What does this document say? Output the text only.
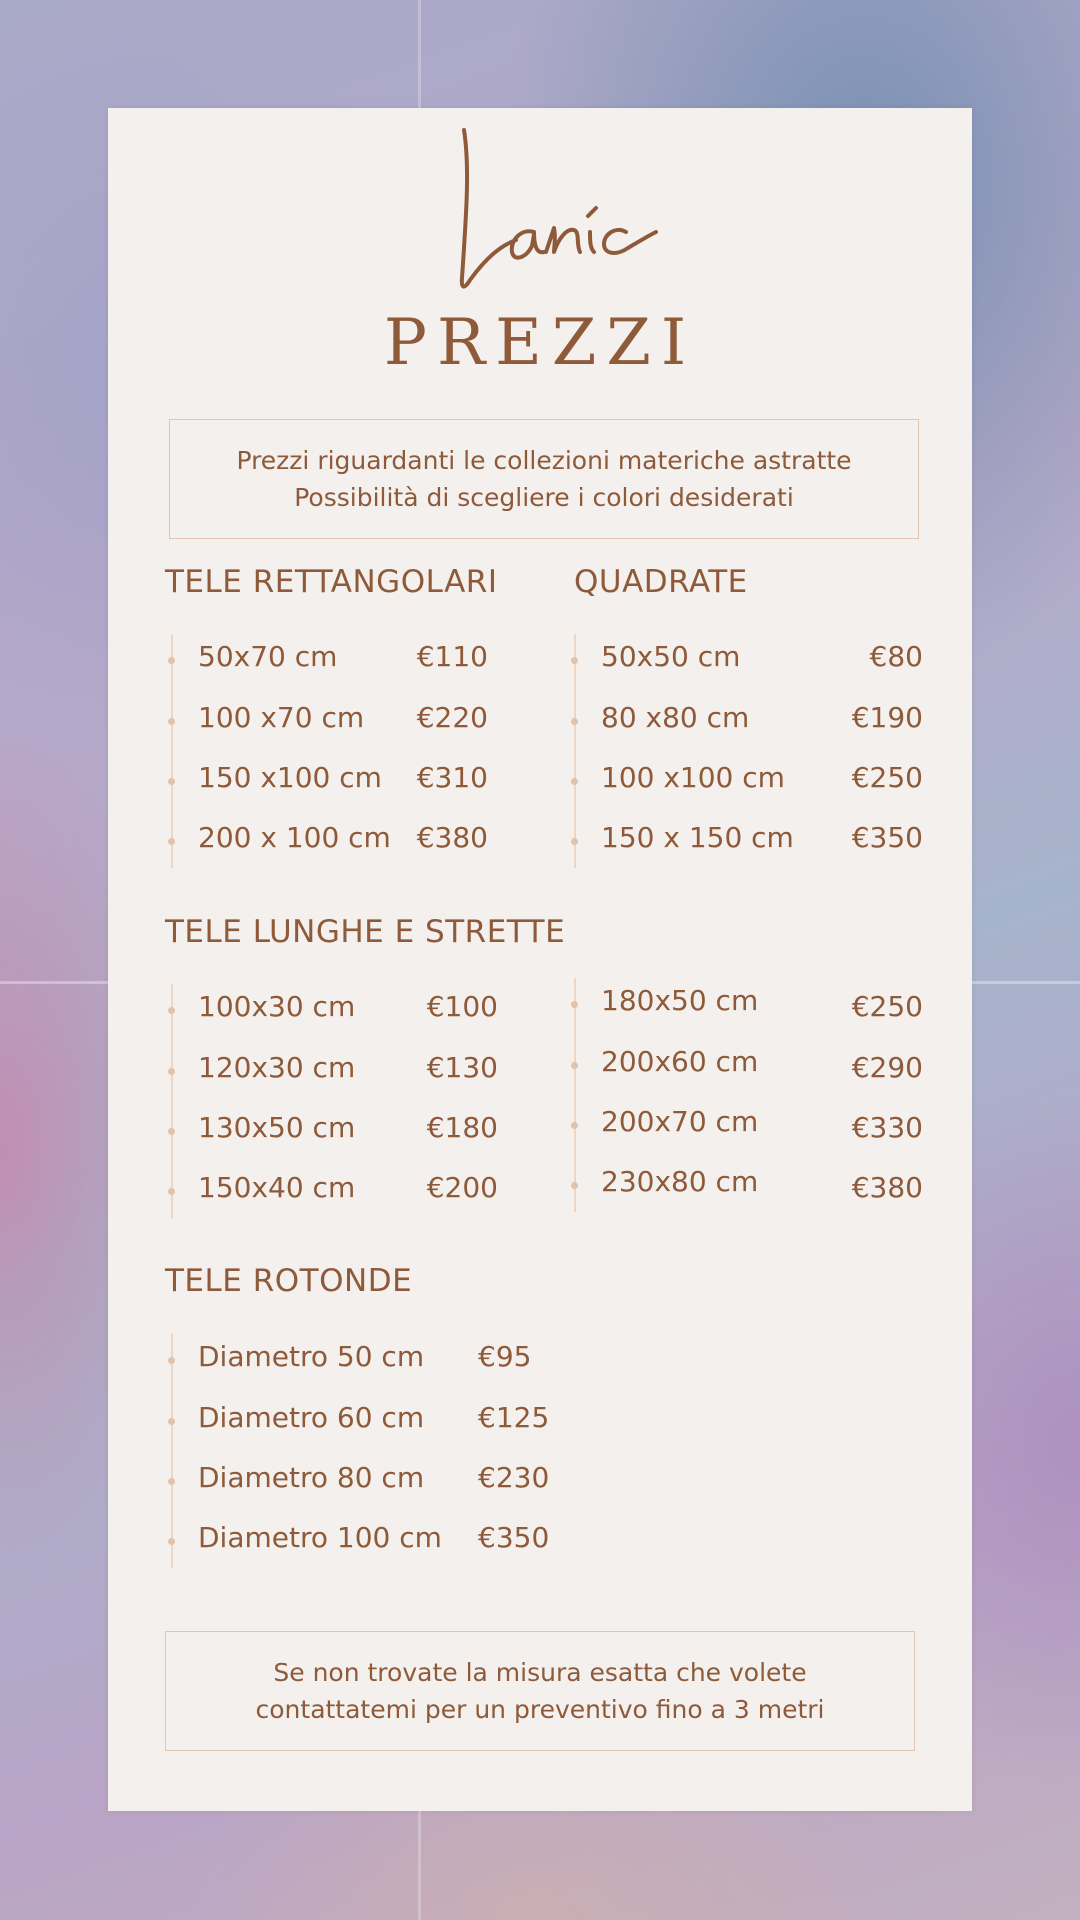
PREZZI
Prezzi riguardanti le collezioni materiche astratte
Possibilità di scegliere i colori desiderati
TELE RETTANGOLARI
50x70 cm	€110
100 x70 cm €220
150 x100 cm €310
200 x 100 cm €380
QUADRATE
50x50 cm	€80
80 x80 cm	€190
100 x100 cm €250
150 x 150 cm €350
TELE LUNGHE E STRETTE
100x30 cm	€100
120x30 cm	€130
130x50 cm	€180
150x40 cm	€200
180x50 cm	€250
200x60 cm	€290
200x70 cm	€330
230x80 cm	€380
TELE ROTONDE
Diametro 50 cm €95
Diametro 60 cm €125
Diametro 80 cm €230
Diametro 100 cm €350
Se non trovate la misura esatta che volete
contattatemi per un preventivo fino a 3 metri
